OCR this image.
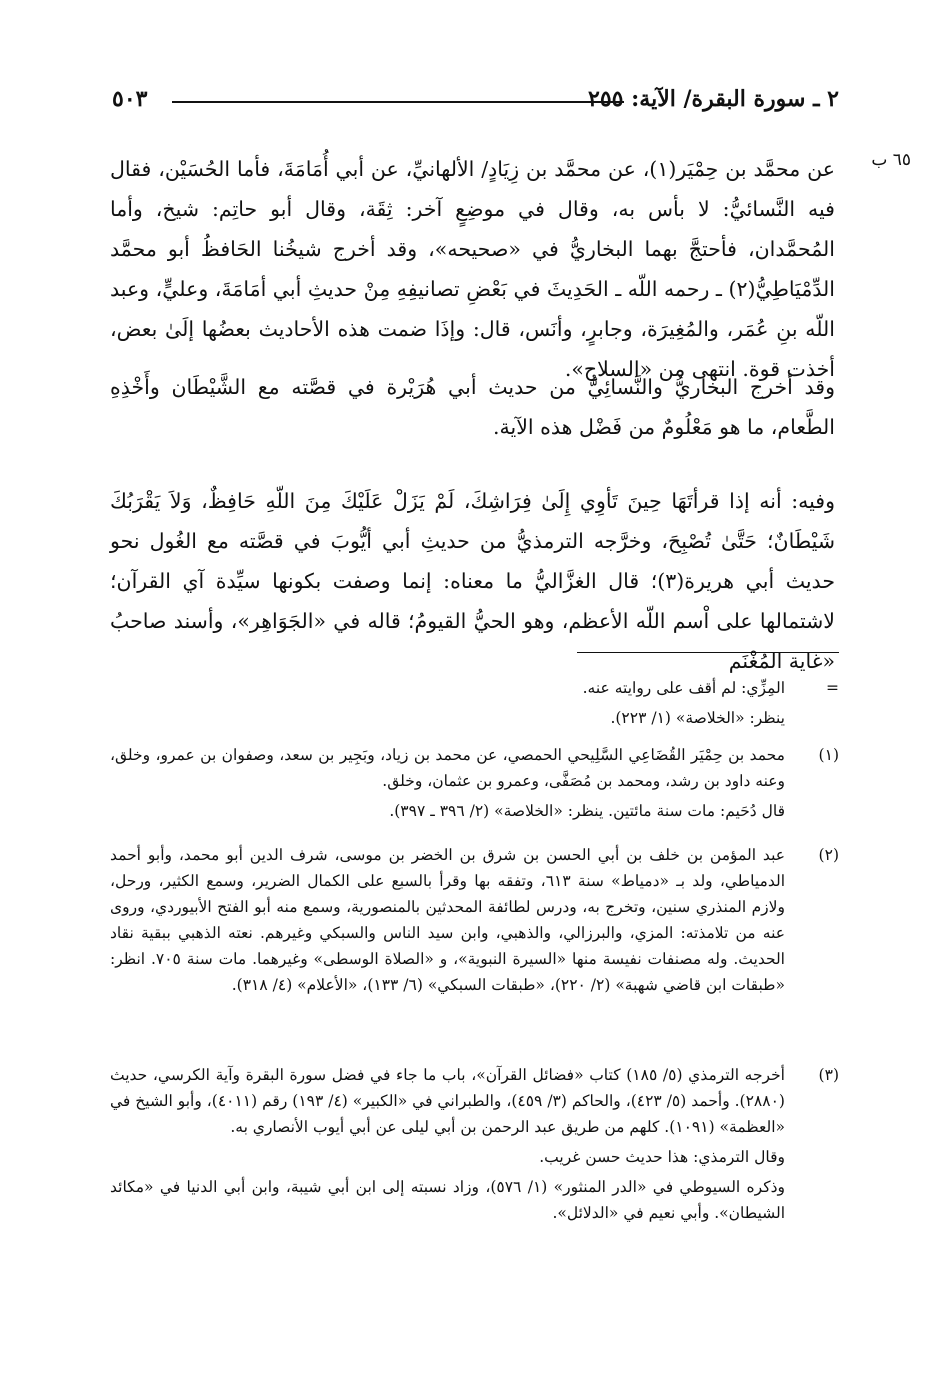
٢ ـ سورة البقرة/ الآية: ٢٥٥
٥٠٣
٦٥ ب
عن محمَّد بن حِمْيَر(١)، عن محمَّد بن زِيَادٍ/ الألهانيِّ، عن أبي أُمَامَةَ، فأما الحُسَيْن، فقال فيه النَّسائيُّ: لا بأس به، وقال في موضِعٍ آخر: ثِقَة، وقال أبو حاتِم: شيخ، وأما المُحمَّدان، فأحتجَّ بهما البخاريُّ في «صحيحه»، وقد أخرج شيخُنا الحَافظُ أبو محمَّد الدِّمْيَاطِيُّ(٢) ـ رحمه اللّه ـ الحَدِيثَ في بَعْضِ تصانيفِهِ مِنْ حديثِ أبي أمَامَةَ، وعليٍّ، وعبد اللّه بنِ عُمَر، والمُغِيرَة، وجابرٍ، وأنَس، قال: وإذَا ضمت هذه الأحاديث بعضُها إلَىٰ بعض، أخذت قوة. انتهى من «السلاح».
وقد أخرج البخاريُّ والنَّسائِيُّ من حديث أبي هُرَيْرة في قصَّته مع الشَّيْطَان وأَخْذِهِ الطَّعام، ما هو مَعْلُومٌ من فَضْل هذه الآية.
وفيه: أنه إذا قرأتَهَا حِينَ تَأوِي إِلَىٰ فِرَاشِكَ، لَمْ يَزَلْ عَلَيْكَ مِنَ اللّهِ حَافِظٌ، وَلاَ يَقْرَبُكَ شَيْطَانٌ؛ حَتَّىٰ تُصْبِحَ، وخرَّجه الترمذيُّ من حديثِ أبي أيُّوبَ في قصَّته مع الغُول نحو حديث أبي هريرة(٣)؛ قال الغزَّاليُّ ما معناه: إنما وصفت بكونها سيِّدة آي القرآن؛ لاشتمالها على اْسم اللّه الأعظم، وهو الحيُّ القيومُ؛ قاله في «الجَوَاهِر»، وأسند صاحبُ «غاية المُغْنَم
=

المِزِّي: لم أقف على روايته عنه.

ينظر: «الخلاصة» (١/ ٢٢٣).

(١)

محمد بن حِمْيَر القُضَاعِي السَّلِيحي الحمصي، عن محمد بن زياد، وبَجِير بن سعد، وصفوان بن عمرو، وخلق، وعنه داود بن رشد، ومحمد بن مُصَفَّى، وعمرو بن عثمان، وخلق.

قال دُحَيم: مات سنة مائتين. ينظر: «الخلاصة» (٢/ ٣٩٦ ـ ٣٩٧).

(٢)

عبد المؤمن بن خلف بن أبي الحسن بن شرق بن الخضر بن موسى، شرف الدين أبو محمد، وأبو أحمد الدمياطي، ولد بـ «دمياط» سنة ٦١٣، وتفقه بها وقرأ بالسبع على الكمال الضرير، وسمع الكثير، ورحل، ولازم المنذري سنين، وتخرج به، ودرس لطائفة المحدثين بالمنصورية، وسمع منه أبو الفتح الأبيوردي، وروى عنه من تلامذته: المزي، والبرزالي، والذهبي، وابن سيد الناس والسبكي وغيرهم. نعته الذهبي ببقية نقاد الحديث. وله مصنفات نفيسة منها «السيرة النبوية»، و «الصلاة الوسطى» وغيرهما. مات سنة ٧٠٥. انظر: «طبقات ابن قاضي شهبة» (٢/ ٢٢٠)، «طبقات السبكي» (٦/ ١٣٣)، «الأعلام» (٤/ ٣١٨).

(٣)

أخرجه الترمذي (٥/ ١٨٥) كتاب «فضائل القرآن»، باب ما جاء في فضل سورة البقرة وآية الكرسي، حديث (٢٨٨٠). وأحمد (٥/ ٤٢٣)، والحاكم (٣/ ٤٥٩)، والطبراني في «الكبير» (٤/ ١٩٣) رقم (٤٠١١)، وأبو الشيخ في «العظمة» (١٠٩١). كلهم من طريق عبد الرحمن بن أبي ليلى عن أبي أيوب الأنصاري به.

وقال الترمذي: هذا حديث حسن غريب.

وذكره السيوطي في «الدر المنثور» (١/ ٥٧٦)، وزاد نسبته إلى ابن أبي شيبة، وابن أبي الدنيا في «مكائد الشيطان». وأبي نعيم في «الدلائل».
